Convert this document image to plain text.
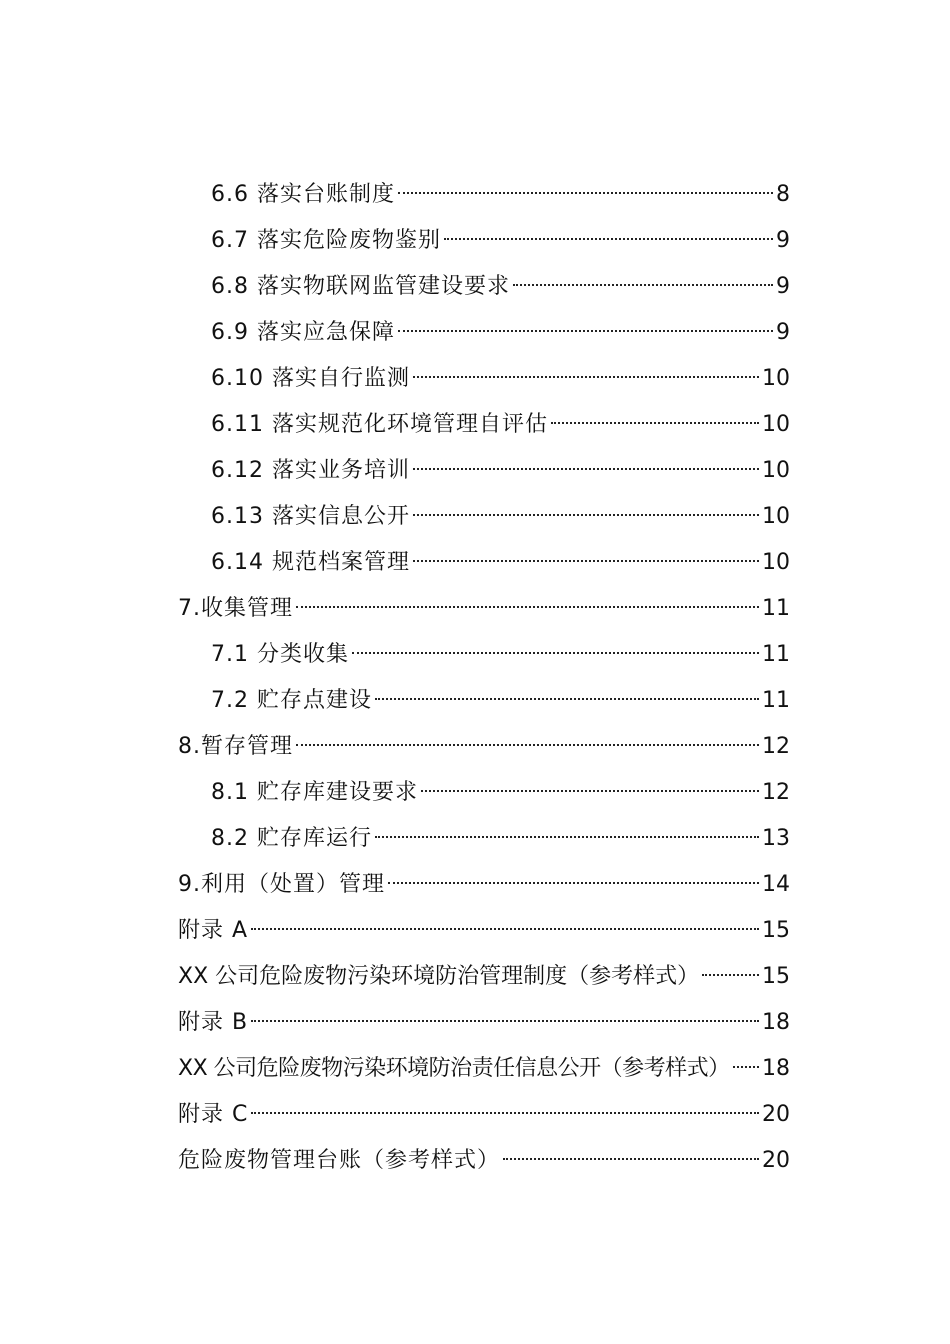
6.6 落实台账制度	8
6.7 落实危险废物鉴别	9
6.8 落实物联网监管建设要求	9
6.9 落实应急保障	9
6.10 落实自行监测	10
6.11 落实规范化环境管理自评估	10
6.12 落实业务培训	10
6.13 落实信息公开	10
6.14 规范档案管理	10
7.收集管理	11
7.1 分类收集	11
7.2 贮存点建设	11
8.暂存管理	12
8.1 贮存库建设要求	12
8.2 贮存库运行	13
9.利用（处置）管理	14
附录 A	15
XX 公司危险废物污染环境防治管理制度（参考样式）	15
附录 B	18
XX 公司危险废物污染环境防治责任信息公开（参考样式） 18
附录 C	20
危险废物管理台账（参考样式）	20
